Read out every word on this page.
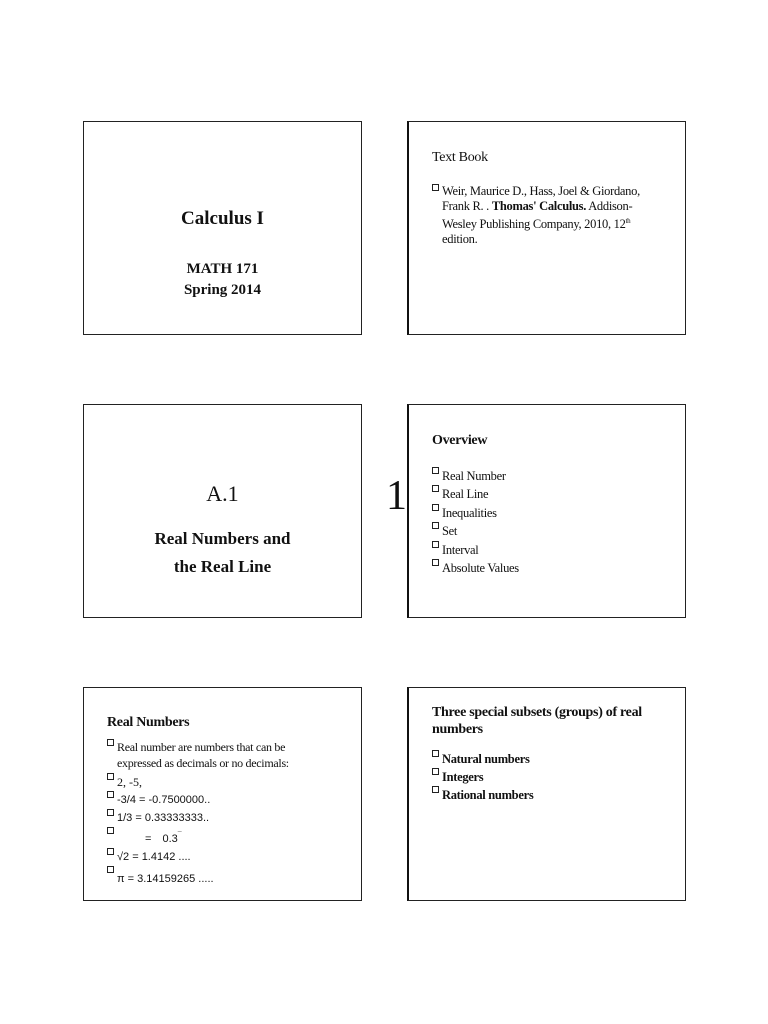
Calculus I
MATH 171
Spring 2014
Text Book
Weir, Maurice D., Hass, Joel & Giordano,
Frank R. . Thomas' Calculus. Addison-
Wesley Publishing Company, 2010, 12th
edition.
A.1
Real Numbers and
the Real Line
1
Overview
Real Number
Real Line
Inequalities
Set
Interval
Absolute Values
Real Numbers
Real number are numbers that can be
expressed as decimals or no decimals:
2, -5,
-3/4 = -0.7500000..
1/3 = 0.33333333..
= 0.3¯
√2 = 1.4142 ....
π = 3.14159265 .....
Three special subsets (groups) of real
numbers
Natural numbers
Integers
Rational numbers
